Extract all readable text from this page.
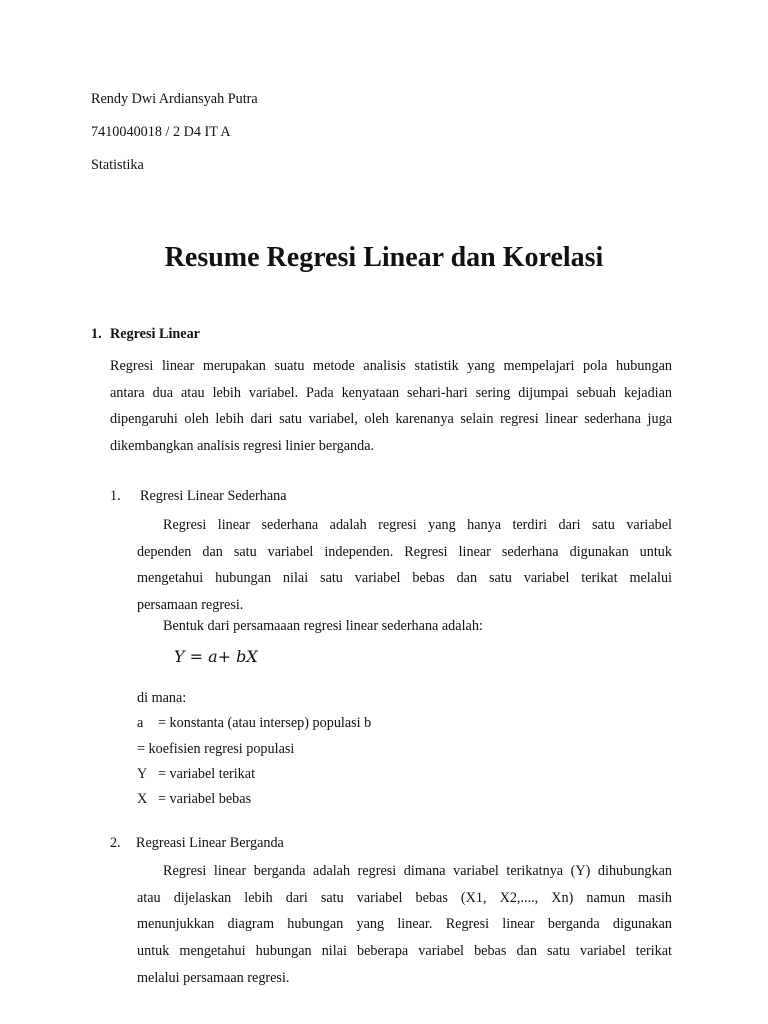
Rendy Dwi Ardiansyah Putra
7410040018 / 2 D4 IT A
Statistika
Resume Regresi Linear dan Korelasi
1. Regresi Linear
Regresi linear merupakan suatu metode analisis statistik yang mempelajari pola hubungan
antara dua atau lebih variabel. Pada kenyataan sehari-hari sering dijumpai sebuah kejadian
dipengaruhi oleh lebih dari satu variabel, oleh karenanya selain regresi linear sederhana juga
dikembangkan analisis regresi linier berganda.
1. Regresi Linear Sederhana
Regresi linear sederhana adalah regresi yang hanya terdiri dari satu variabel
dependen dan satu variabel independen. Regresi linear sederhana digunakan untuk
mengetahui hubungan nilai satu variabel bebas dan satu variabel terikat melalui
persamaan regresi.
Bentuk dari persamaaan regresi linear sederhana adalah:
Y = a+ bX
di mana:
a = konstanta (atau intersep) populasi b
= koefisien regresi populasi
Y = variabel terikat
X = variabel bebas
2. Regreasi Linear Berganda
Regresi linear berganda adalah regresi dimana variabel terikatnya (Y) dihubungkan
atau dijelaskan lebih dari satu variabel bebas (X1, X2,...., Xn) namun masih
menunjukkan diagram hubungan yang linear. Regresi linear berganda digunakan
untuk mengetahui hubungan nilai beberapa variabel bebas dan satu variabel terikat
melalui persamaan regresi.
